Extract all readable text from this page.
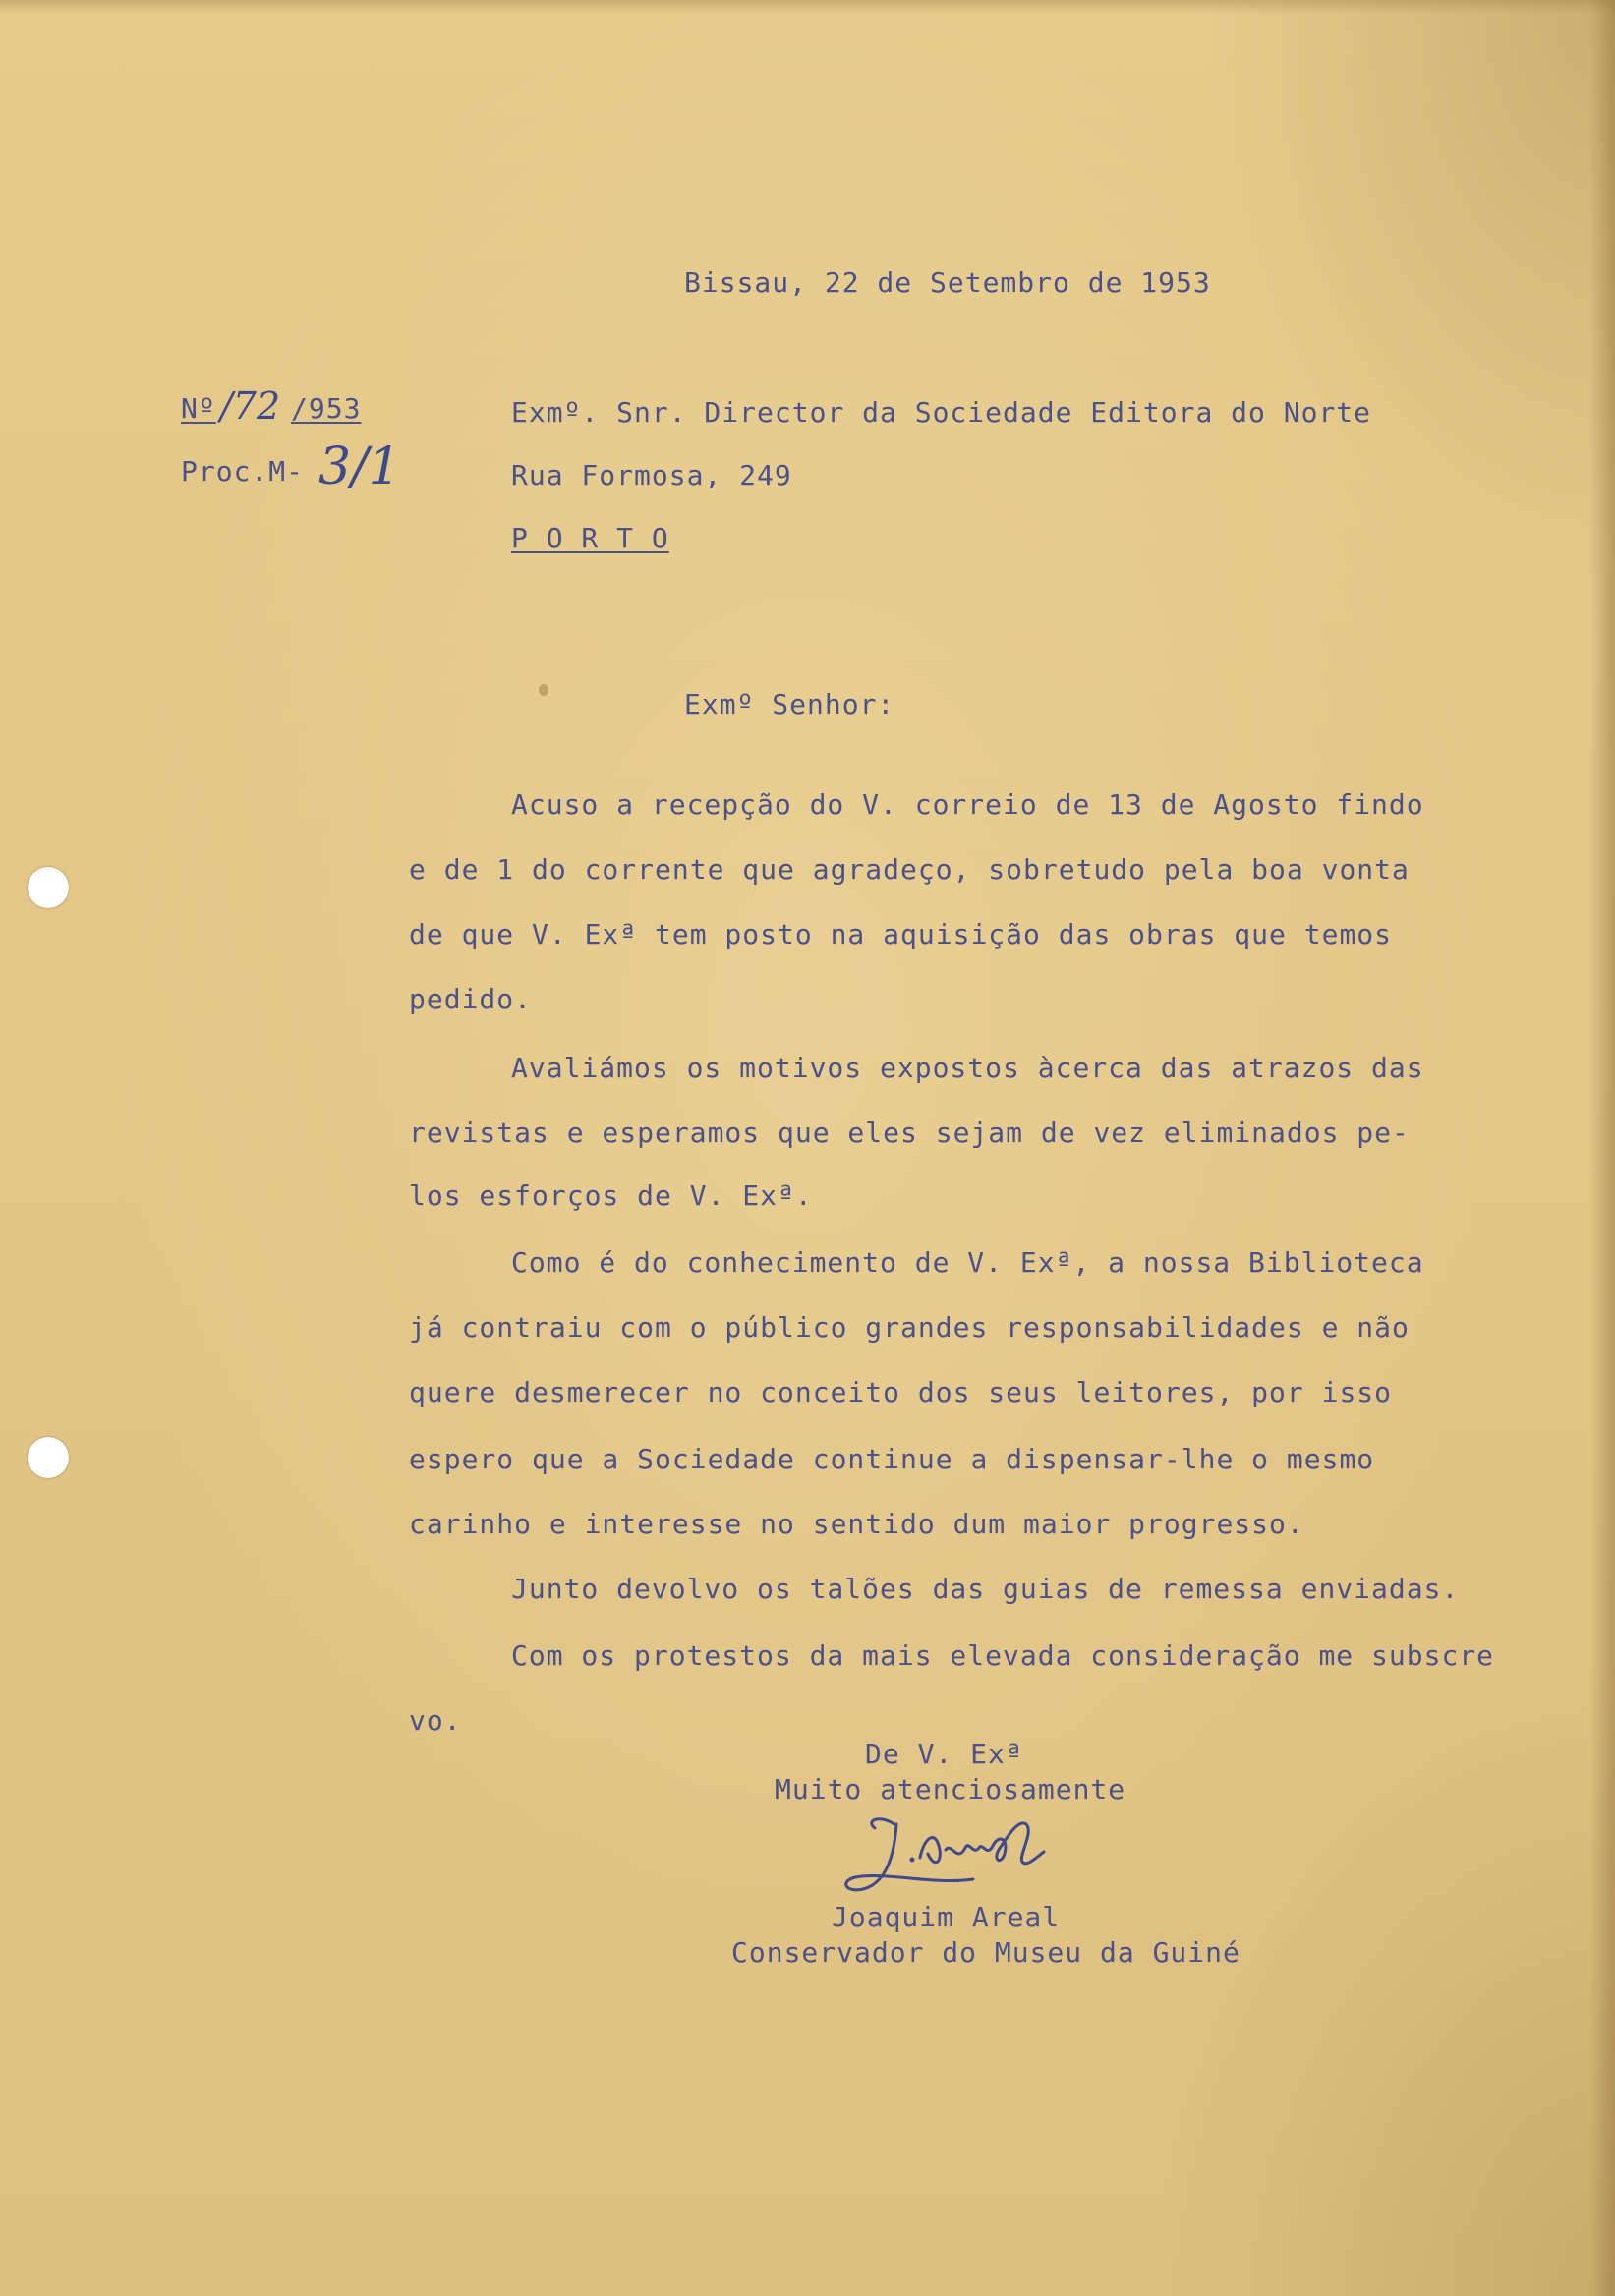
Bissau, 22 de Setembro de 1953

Nº /72 /953
Proc.M- 3/1

Exmº. Snr. Director da Sociedade Editora do Norte

Rua Formosa, 249

P O R T O

Exmº Senhor:

Acuso a recepção do V. correio de 13 de Agosto findo

e de 1 do corrente que agradeço, sobretudo pela boa vonta

de que V. Exª tem posto na aquisição das obras que temos

pedido.

Avaliámos os motivos expostos àcerca das atrazos das

revistas e esperamos que eles sejam de vez eliminados pe-

los esforços de V. Exª.

Como é do conhecimento de V. Exª, a nossa Biblioteca

já contraiu com o público grandes responsabilidades e não

quere desmerecer no conceito dos seus leitores, por isso

espero que a Sociedade continue a dispensar-lhe o mesmo

carinho e interesse no sentido dum maior progresso.

Junto devolvo os talões das guias de remessa enviadas.

Com os protestos da mais elevada consideração me subscre

vo.

De V. Exª

Muito atenciosamente

Joaquim Areal

Conservador do Museu da Guiné
